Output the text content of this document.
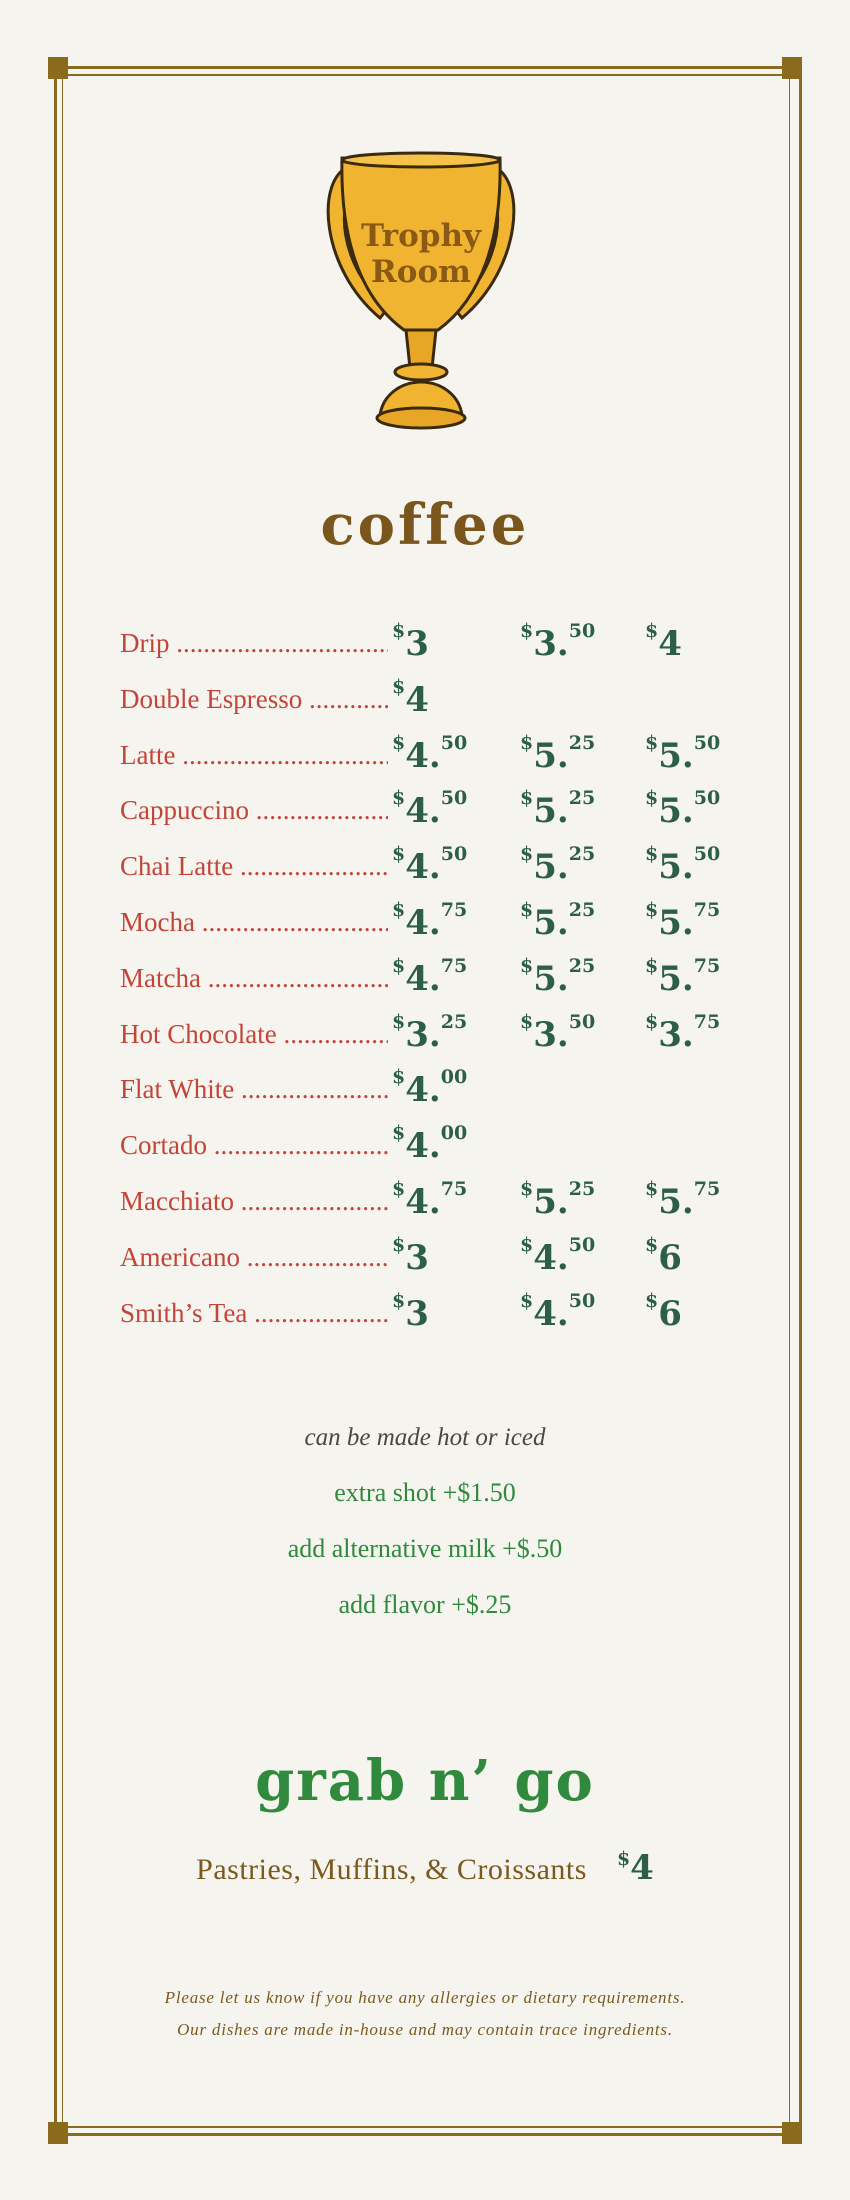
Trophy
Room
coffee
Drip .....	$3	$3.50	$4
Double Espresso .....	$4
Latte .....	$4.50	$5.25	$5.50
Cappuccino .....	$4.50	$5.25	$5.50
Chai Latte .....	$4.50	$5.25	$5.50
Mocha .....	$4.75	$5.25	$5.75
Matcha .....	$4.75	$5.25	$5.75
Hot Chocolate .....	$3.25	$3.50	$3.75
Flat White .....	$4.00
Cortado .....	$4.00
Macchiato .....	$4.75	$5.25	$5.75
Americano .....	$3	$4.50	$6
Smith’s Tea .....	$3	$4.50	$6
can be made hot or iced
extra shot +$1.50
add alternative milk +$.50
add flavor +$.25
grab n’ go
Pastries, Muffins, & Croissants $4
Please let us know if you have any allergies or dietary requirements.
Our dishes are made in-house and may contain trace ingredients.
